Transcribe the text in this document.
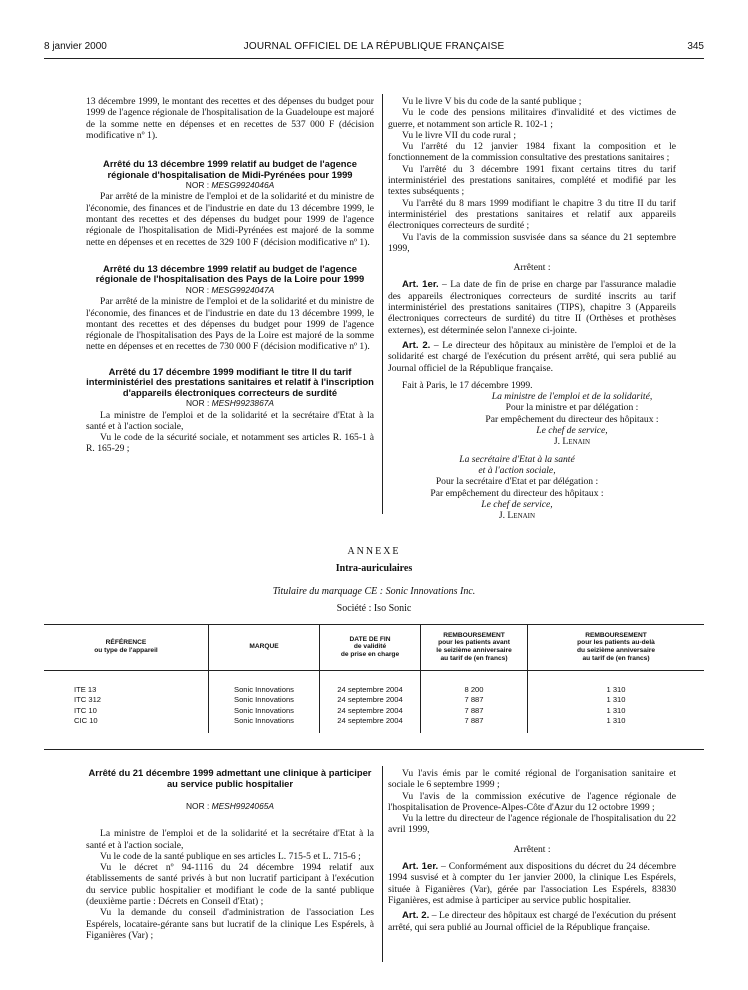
8 janvier 2000	JOURNAL OFFICIEL DE LA RÉPUBLIQUE FRANÇAISE	345

13 décembre 1999, le montant des recettes et des dépenses du budget pour 1999 de l'agence régionale de l'hospitalisation de la Guadeloupe est majoré de la somme nette en dépenses et en recettes de 537 000 F (décision modificative nº 1).

Arrêté du 13 décembre 1999 relatif au budget de l'agence régionale d'hospitalisation de Midi-Pyrénées pour 1999

NOR : MESG9924046A

Par arrêté de la ministre de l'emploi et de la solidarité et du ministre de l'économie, des finances et de l'industrie en date du 13 décembre 1999, le montant des recettes et des dépenses du budget pour 1999 de l'agence régionale de l'hospitalisation de Midi-Pyrénées est majoré de la somme nette en dépenses et en recettes de 329 100 F (décision modificative nº 1).

Arrêté du 13 décembre 1999 relatif au budget de l'agence régionale de l'hospitalisation des Pays de la Loire pour 1999

NOR : MESG9924047A

Par arrêté de la ministre de l'emploi et de la solidarité et du ministre de l'économie, des finances et de l'industrie en date du 13 décembre 1999, le montant des recettes et des dépenses du budget pour 1999 de l'agence régionale de l'hospitalisation des Pays de la Loire est majoré de la somme nette en dépenses et en recettes de 730 000 F (décision modificative nº 1).

Arrêté du 17 décembre 1999 modifiant le titre II du tarif interministériel des prestations sanitaires et relatif à l'inscription d'appareils électroniques correcteurs de surdité

NOR : MESH9923867A

La ministre de l'emploi et de la solidarité et la secrétaire d'Etat à la santé et à l'action sociale,

Vu le code de la sécurité sociale, et notamment ses articles R. 165-1 à R. 165-29 ;

Vu le livre V bis du code de la santé publique ;

Vu le code des pensions militaires d'invalidité et des victimes de guerre, et notamment son article R. 102-1 ;

Vu le livre VII du code rural ;

Vu l'arrêté du 12 janvier 1984 fixant la composition et le fonctionnement de la commission consultative des prestations sanitaires ;

Vu l'arrêté du 3 décembre 1991 fixant certains titres du tarif interministériel des prestations sanitaires, complété et modifié par les textes subséquents ;

Vu l'arrêté du 8 mars 1999 modifiant le chapitre 3 du titre II du tarif interministériel des prestations sanitaires et relatif aux appareils électroniques correcteurs de surdité ;

Vu l'avis de la commission susvisée dans sa séance du 21 septembre 1999,

Arrêtent :

Art. 1er. – La date de fin de prise en charge par l'assurance maladie des appareils électroniques correcteurs de surdité inscrits au tarif interministériel des prestations sanitaires (TIPS), chapitre 3 (Appareils électroniques correcteurs de surdité) du titre II (Orthèses et prothèses externes), est déterminée selon l'annexe ci-jointe.

Art. 2. – Le directeur des hôpitaux au ministère de l'emploi et de la solidarité est chargé de l'exécution du présent arrêté, qui sera publié au Journal officiel de la République française.

Fait à Paris, le 17 décembre 1999.

La ministre de l'emploi et de la solidarité,

Pour la ministre et par délégation :

Par empêchement du directeur des hôpitaux :

Le chef de service,

J. Lenain

La secrétaire d'Etat à la santé

et à l'action sociale,

Pour la secrétaire d'Etat et par délégation :

Par empêchement du directeur des hôpitaux :

Le chef de service,

J. Lenain

ANNEXE
Intra-auriculaires
Titulaire du marquage CE : Sonic Innovations Inc.
Société : Iso Sonic
RÉFÉRENCE
ou type de l'appareil	MARQUE	DATE DE FIN
de validité
de prise en charge	REMBOURSEMENT
pour les patients avant
le seizième anniversaire
au tarif de (en francs)	REMBOURSEMENT
pour les patients au-delà
du seizième anniversaire
au tarif de (en francs)

ITE 13	Sonic Innovations	24 septembre 2004	8 200	1 310
ITC 312	Sonic Innovations	24 septembre 2004	7 887	1 310
ITC 10	Sonic Innovations	24 septembre 2004	7 887	1 310
CIC 10	Sonic Innovations	24 septembre 2004	7 887	1 310

Arrêté du 21 décembre 1999 admettant une clinique à participer au service public hospitalier

NOR : MESH9924065A

La ministre de l'emploi et de la solidarité et la secrétaire d'Etat à la santé et à l'action sociale,

Vu le code de la santé publique en ses articles L. 715-5 et L. 715-6 ;

Vu le décret nº 94-1116 du 24 décembre 1994 relatif aux établissements de santé privés à but non lucratif participant à l'exécution du service public hospitalier et modifiant le code de la santé publique (deuxième partie : Décrets en Conseil d'Etat) ;

Vu la demande du conseil d'administration de l'association Les Espérels, locataire-gérante sans but lucratif de la clinique Les Espérels, à Figanières (Var) ;

Vu l'avis émis par le comité régional de l'organisation sanitaire et sociale le 6 septembre 1999 ;

Vu l'avis de la commission exécutive de l'agence régionale de l'hospitalisation de Provence-Alpes-Côte d'Azur du 12 octobre 1999 ;

Vu la lettre du directeur de l'agence régionale de l'hospitalisation du 22 avril 1999,

Arrêtent :

Art. 1er. – Conformément aux dispositions du décret du 24 décembre 1994 susvisé et à compter du 1er janvier 2000, la clinique Les Espérels, située à Figanières (Var), gérée par l'association Les Espérels, 83830 Figanières, est admise à participer au service public hospitalier.

Art. 2. – Le directeur des hôpitaux est chargé de l'exécution du présent arrêté, qui sera publié au Journal officiel de la République française.
